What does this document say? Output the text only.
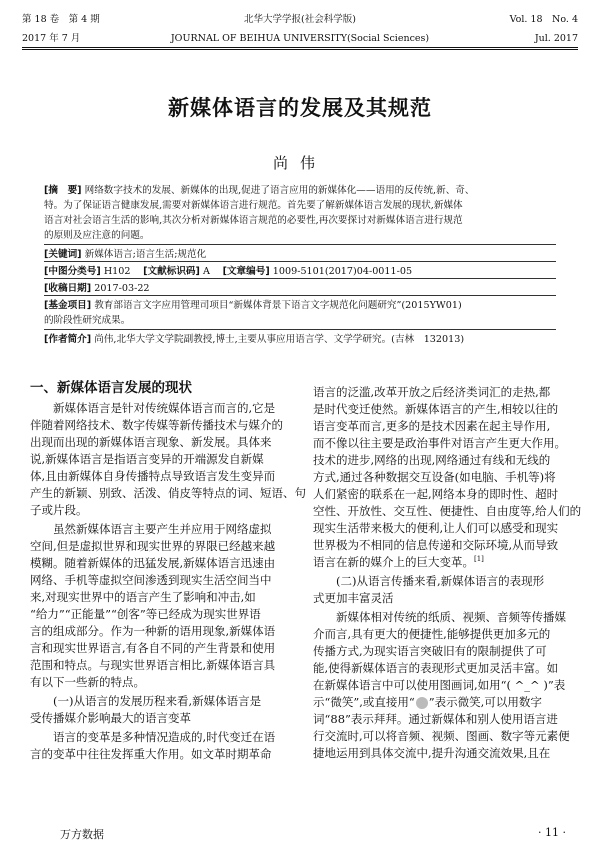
第 18 卷　第 4 期	北华大学学报(社会科学版)	Vol. 18　No. 4
2017 年 7 月	JOURNAL OF BEIHUA UNIVERSITY(Social Sciences)	Jul. 2017
新媒体语言的发展及其规范
尚伟
[摘　要] 网络数字技术的发展、新媒体的出现,促进了语言应用的新媒体化——语用的反传统,新、奇、
特。为了保证语言健康发展,需要对新媒体语言进行规范。首先要了解新媒体语言发展的现状,新媒体
语言对社会语言生活的影响,其次分析对新媒体语言规范的必要性,再次要探讨对新媒体语言进行规范
的原则及应注意的问题。
[关键词] 新媒体语言;语言生活;规范化
[中图分类号] H102　 [文献标识码] A　 [文章编号] 1009-5101(2017)04-0011-05
[收稿日期] 2017-03-22
[基金项目] 教育部语言文字应用管理司项目“新媒体背景下语言文字规范化问题研究”(2015YW01)
的阶段性研究成果。
[作者简介] 尚伟,北华大学文学院副教授,博士,主要从事应用语言学、文学学研究。(吉林　132013)
一、新媒体语言发展的现状
　　新媒体语言是针对传统媒体语言而言的,它是
伴随着网络技术、数字传媒等新传播技术与媒介的
出现而出现的新媒体语言现象、新发展。具体来
说,新媒体语言是指语言变异的开端源发自新媒
体,且由新媒体自身传播特点导致语言发生变异而
产生的新颖、别致、活泼、俏皮等特点的词、短语、句
子或片段。
　　虽然新媒体语言主要产生并应用于网络虚拟
空间,但是虚拟世界和现实世界的界限已经越来越
模糊。随着新媒体的迅猛发展,新媒体语言迅速由
网络、手机等虚拟空间渗透到现实生活空间当中
来,对现实世界中的语言产生了影响和冲击,如
“给力”“正能量”“创客”等已经成为现实世界语
言的组成部分。作为一种新的语用现象,新媒体语
言和现实世界语言,有各自不同的产生背景和使用
范围和特点。与现实世界语言相比,新媒体语言具
有以下一些新的特点。
　　(一)从语言的发展历程来看,新媒体语言是
受传播媒介影响最大的语言变革
　　语言的变革是多种情况造成的,时代变迁在语
言的变革中往往发挥重大作用。如文革时期革命
语言的泛滥,改革开放之后经济类词汇的走热,都
是时代变迁使然。新媒体语言的产生,相较以往的
语言变革而言,更多的是技术因素在起主导作用,
而不像以往主要是政治事件对语言产生更大作用。
技术的进步,网络的出现,网络通过有线和无线的
方式,通过各种数据交互设备(如电脑、手机等)将
人们紧密的联系在一起,网络本身的即时性、超时
空性、开放性、交互性、便捷性、自由度等,给人们的
现实生活带来极大的便利,让人们可以感受和现实
世界极为不相同的信息传递和交际环境,从而导致
语言在新的媒介上的巨大变革。[1]
　　(二)从语言传播来看,新媒体语言的表现形
式更加丰富灵活
　　新媒体相对传统的纸质、视频、音频等传播媒
介而言,具有更大的便捷性,能够提供更加多元的
传播方式,为现实语言突破旧有的限制提供了可
能,使得新媒体语言的表现形式更加灵活丰富。如
在新媒体语言中可以使用图画词,如用“( ^_^ )”表
示“微笑”,或直接用“ ”表示微笑,可以用数字
词“88”表示拜拜。通过新媒体和别人使用语言进
行交流时,可以将音频、视频、图画、数字等元素便
捷地运用到具体交流中,提升沟通交流效果,且在
万方数据	· 11 ·
